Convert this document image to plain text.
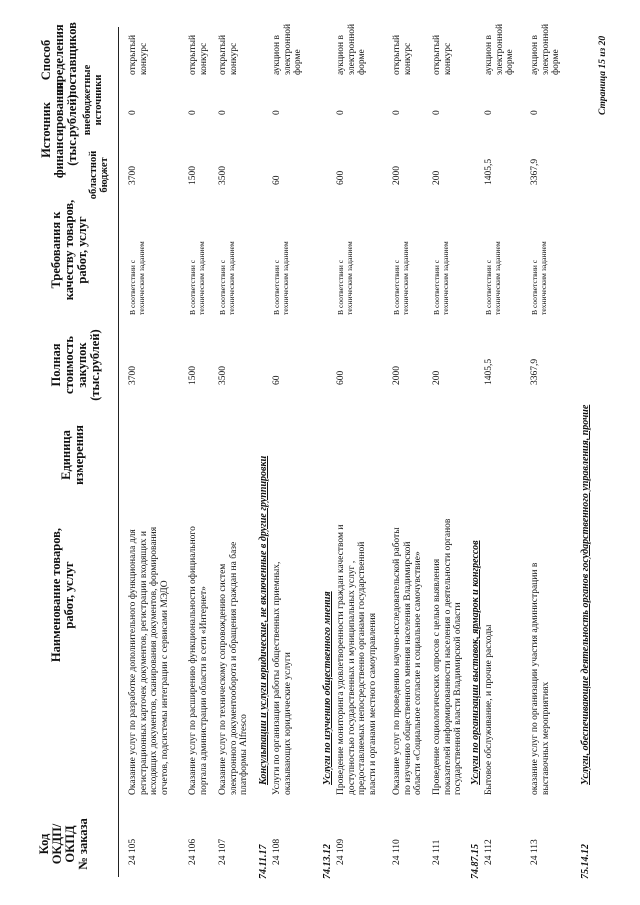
Код ОКДП/ ОКПД № заказа
Наименование товаров, работ, услуг
Единица измерения
Полная стоимость закупок (тыс.рублей)
Требования к качеству товаров, работ, услуг
Источник финансирования (тыс.рублей)
областной бюджет
внебюджетные источники
Способ определения поставщиков
24 105
Оказание услуг по разработке дополнительного функционала для регистрационных карточек документов, регистрации входящих и исходящих документов, сканирования документов, формирования отчетов, подсистемы интеграции с сервисами МЭДО
3700
В соответствии с техническим заданием
3700
0
открытый конкурс
24 106
Оказание услуг по расширению функциональности официального портала администрации области в сети «Интернет»
1500
В соответствии с техническим заданием
1500
0
открытый конкурс
24 107
Оказание услуг по техническому сопровождению систем электронного документооборота и обращения граждан на базе платформы Alfresco
3500
В соответствии с техническим заданием
3500
0
открытый конкурс
74.11.17
Консультации и услуги юридические, не включенные в другие группировки
24 108
Услуги по организации работы общественных приемных, оказывающих юридические услуги
60
В соответствии с техническим заданием
60
0
аукцион в электронной форме
74.13.12
Услуги по изучению общественного мнения
24 109
Проведение мониторинга удовлетворенности граждан качеством и доступностью государственных и муниципальных услуг , предоставляемых непосредственно органами государственной власти и органами местного самоуправления
600
В соответствии с техническим заданием
600
0
аукцион в электронной форме
24 110
Оказание услуг по проведению научно-исследовательской работы по изучению общественного мнения населения Владимирской области «Социальное согласие и социальное самочувствие»
2000
В соответствии с техническим заданием
2000
0
открытый конкурс
24 111
Проведение социологических опросов с целью выявления показателей информированности населения о деятельности органов государственной власти Владимирской области
200
В соответствии с техническим заданием
200
0
открытый конкурс
74.87.15
Услуги по организации выставок, ярмарок и конгрессов
24 112
Бытовое обслуживание, и прочие расходы
1405,5
В соответствии с техническим заданием
1405,5
0
аукцион в электронной форме
24 113
оказание услуг по организации участия администрации в выставочных мероприятиях
3367,9
В соответствии с техническим заданием
3367,9
0
аукцион в электронной форме
75.14.12
Услуги, обеспечивающие деятельность органов государственного управления, прочие
Страница 15 из 20
